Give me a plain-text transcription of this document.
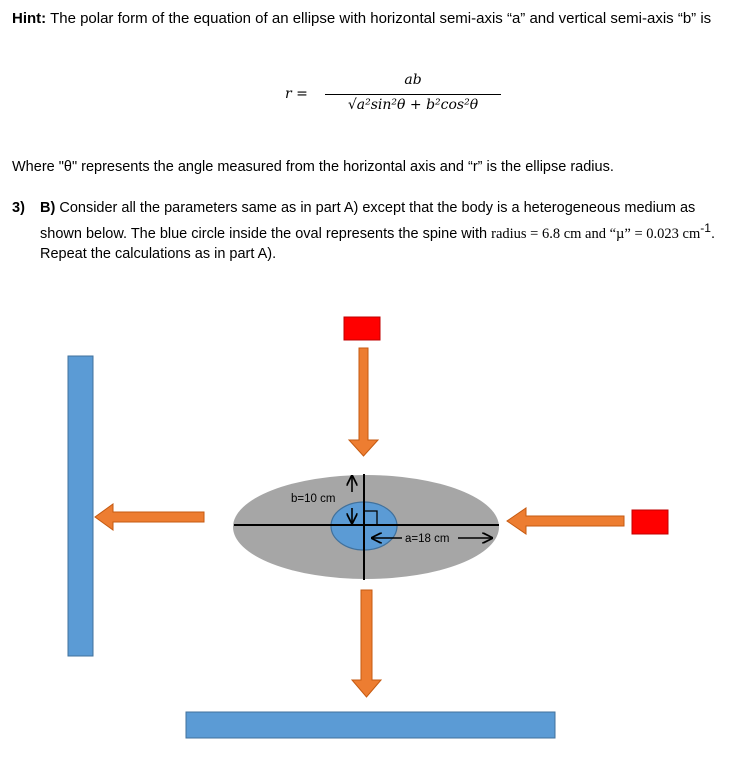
Hint: The polar form of the equation of an ellipse with horizontal semi-axis “a” and vertical semi-axis “b” is
r =
ab
√a²sin²θ + b²cos²θ
Where "θ" represents the angle measured from the horizontal axis and “r” is the ellipse radius.
3) B) Consider all the parameters same as in part A) except that the body is a heterogeneous medium as shown below. The blue circle inside the oval represents the spine with radius = 6.8 cm and “µ” = 0.023 $cm^{-1}$. Repeat the calculations as in part A).
b=10 cm
a=18 cm
